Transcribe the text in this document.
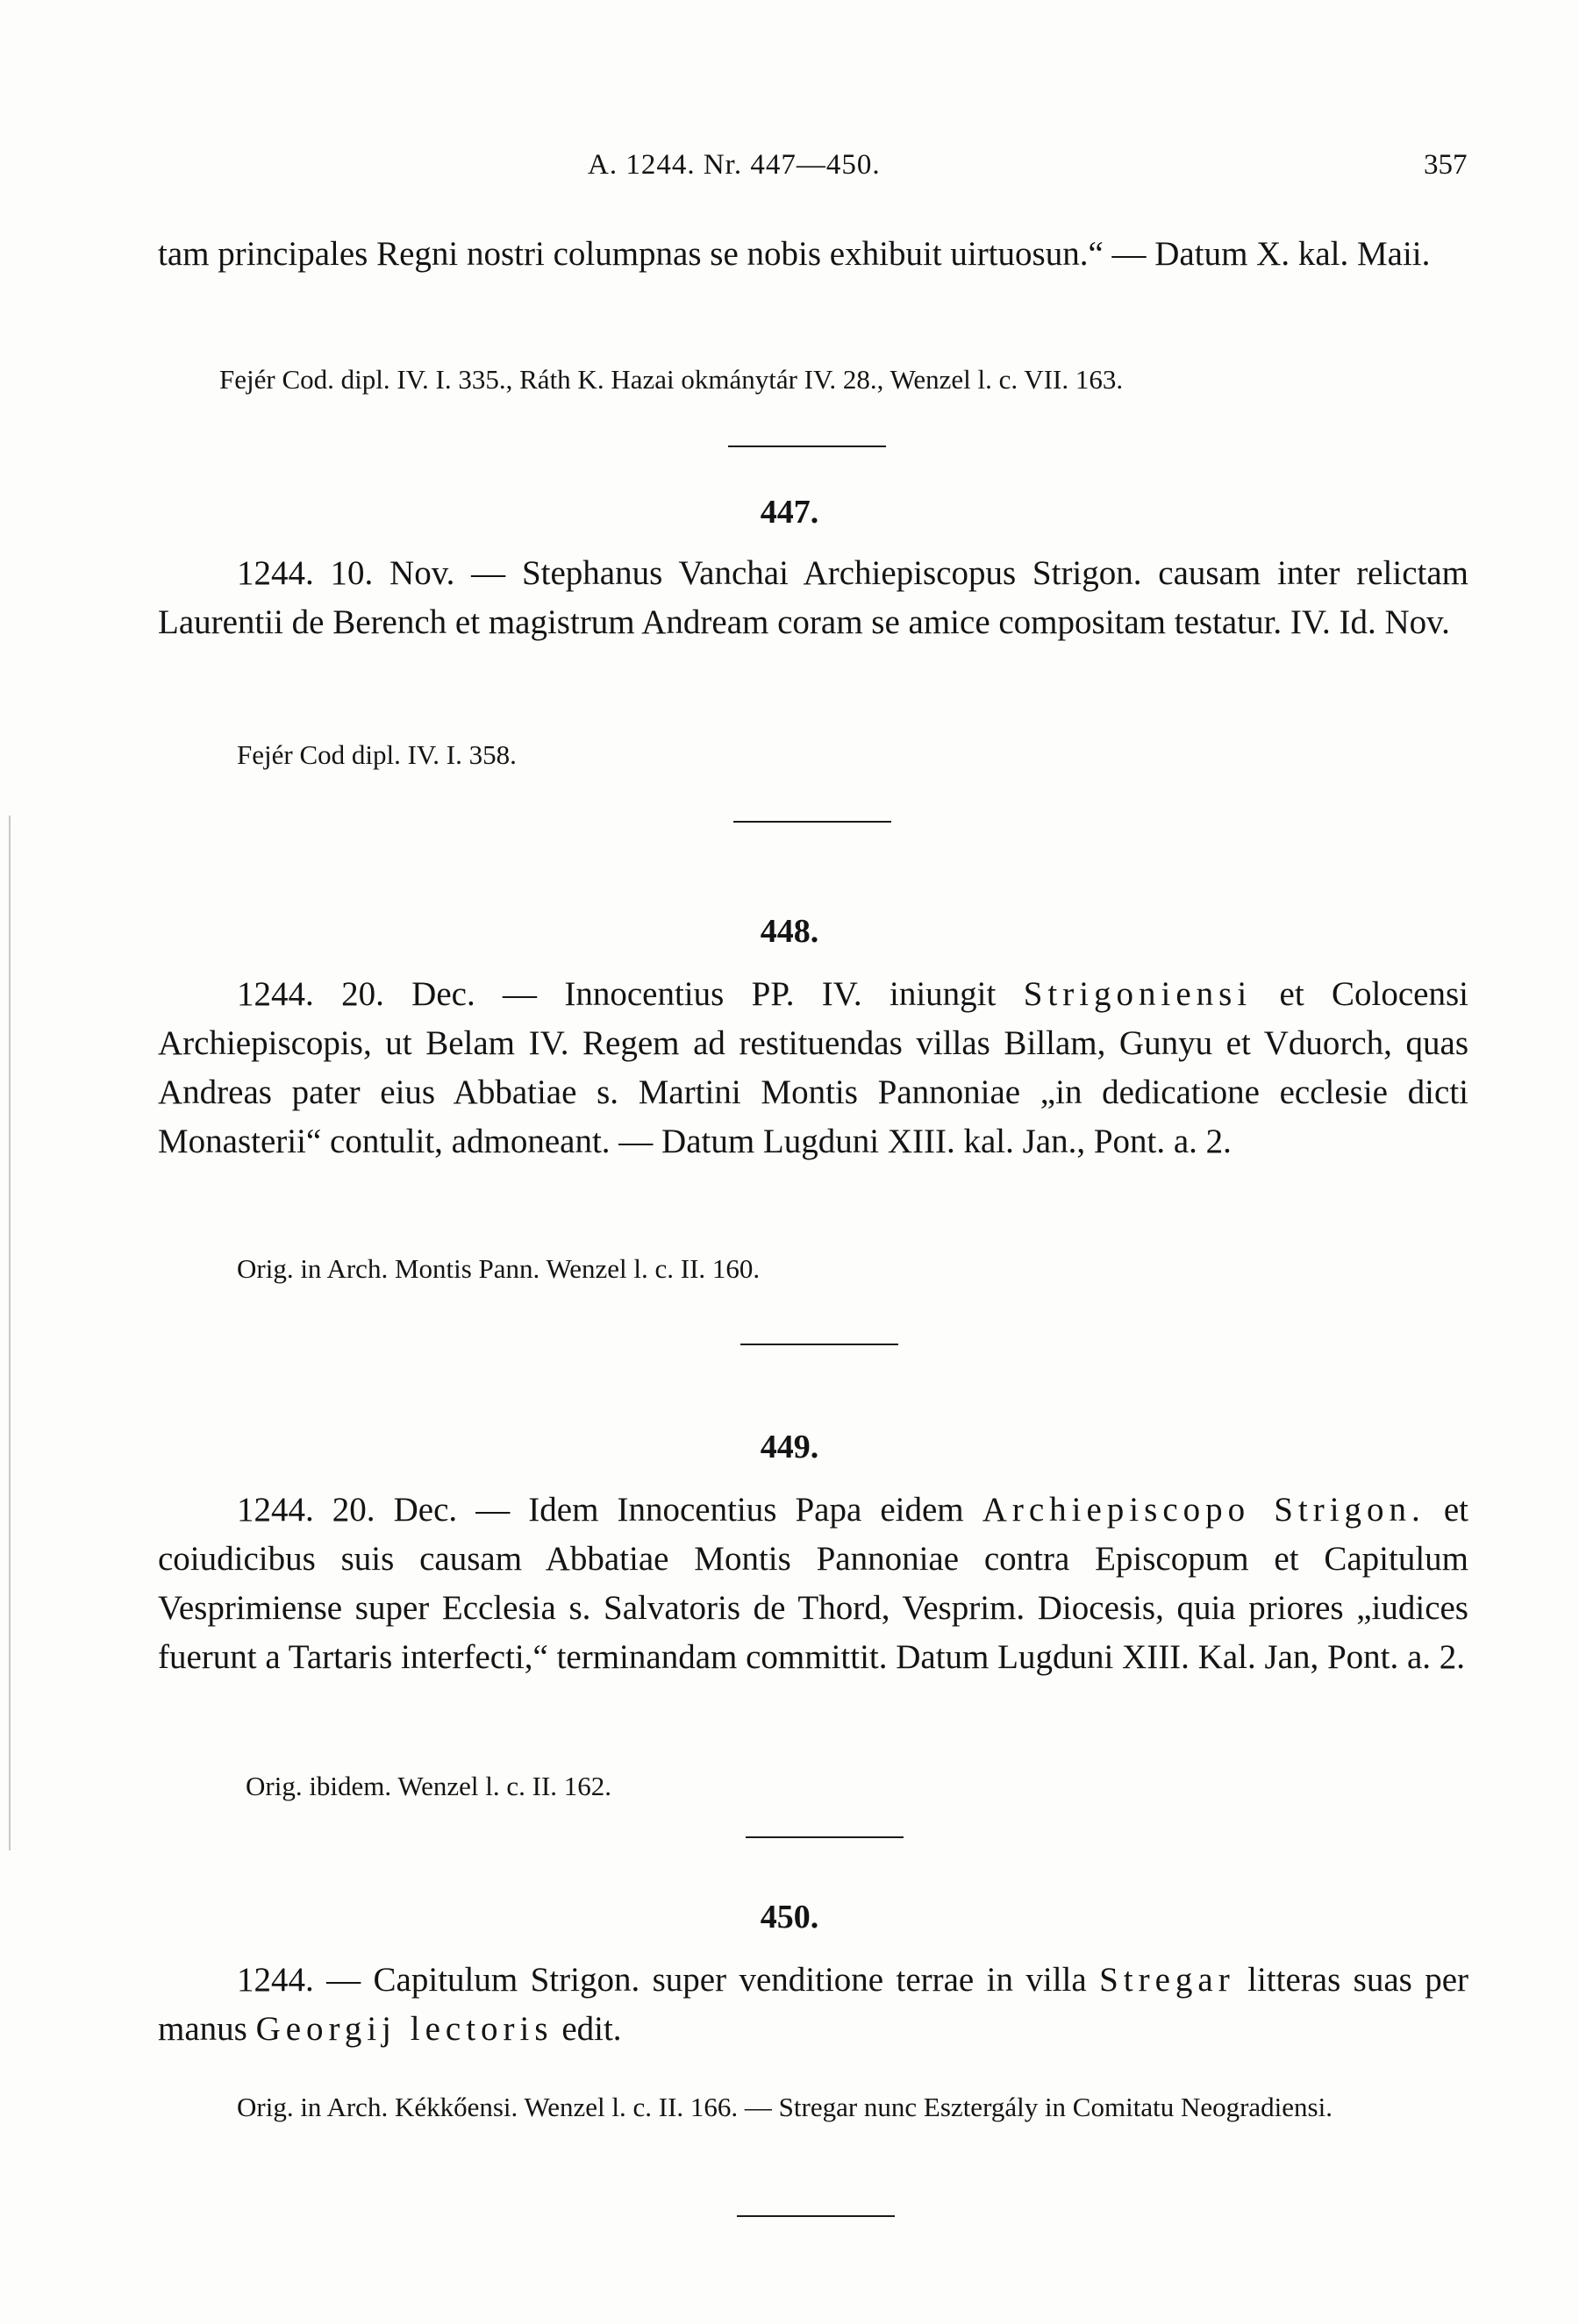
A. 1244. Nr. 447—450.	357
tam principales Regni nostri columpnas se nobis exhibuit uirtuosun.“ — Datum X. kal. Maii.
Fejér Cod. dipl. IV. I. 335., Ráth K. Hazai okmánytár IV. 28., Wenzel l. c. VII. 163.
447.
1244. 10. Nov. — Stephanus Vanchai Archiepiscopus Strigon. causam inter relictam Laurentii de Berench et magistrum Andream coram se amice compositam testatur. IV. Id. Nov.
Fejér Cod dipl. IV. I. 358.
448.
1244. 20. Dec. — Innocentius PP. IV. iniungit Strigoniensi et Colocensi Archiepiscopis, ut Belam IV. Regem ad restituendas villas Billam, Gunyu et Vduorch, quas Andreas pater eius Abbatiae s. Martini Montis Pannoniae „in dedicatione ecclesie dicti Monasterii“ contulit, admoneant. — Datum Lugduni XIII. kal. Jan., Pont. a. 2.
Orig. in Arch. Montis Pann. Wenzel l. c. II. 160.
449.
1244. 20. Dec. — Idem Innocentius Papa eidem Archiepiscopo Strigon. et coiudicibus suis causam Abbatiae Montis Pannoniae contra Episcopum et Capitulum Vesprimiense super Ecclesia s. Salvatoris de Thord, Vesprim. Diocesis, quia priores „iudices fuerunt a Tartaris interfecti,“ terminandam committit. Datum Lugduni XIII. Kal. Jan, Pont. a. 2.
Orig. ibidem. Wenzel l. c. II. 162.
450.
1244. — Capitulum Strigon. super venditione terrae in villa Stregar litteras suas per manus Georgij lectoris edit.
Orig. in Arch. Kékkőensi. Wenzel l. c. II. 166. — Stregar nunc Esztergály in Comitatu Neogradiensi.
